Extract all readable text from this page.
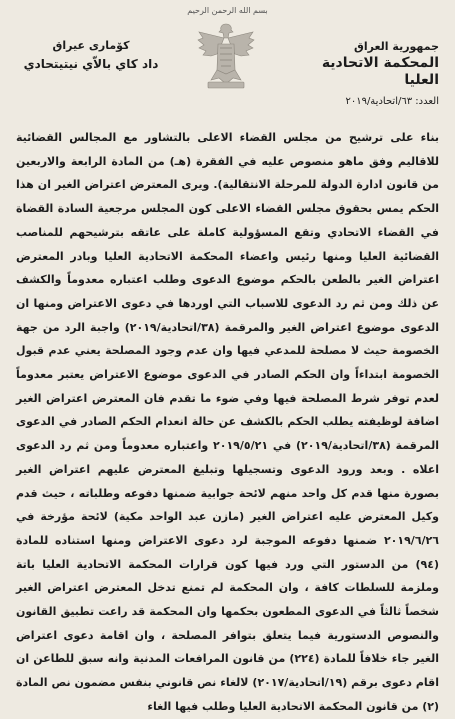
بسم الله الرحمن الرحيم
جمهورية العراق
المحكمة الاتحادية العليا
العدد: ٦٣/اتحادية/٢٠١٩
كوٚماری عیراق
داد كاي بالاّي نيتيتحادي
بناء على ترشيح من مجلس القضاء الاعلى بالتشاور مع المجالس القضائية للاقاليم وفق ماهو منصوص عليه في الفقرة (هـ) من المادة الرابعة والاربعين من قانون ادارة الدولة للمرحلة الانتقالية). ويرى المعترض اعتراض الغير ان هذا الحكم يمس بحقوق مجلس القضاء الاعلى كون المجلس مرجعية السادة القضاة في القضاء الاتحادي وتقع المسؤولية كاملة على عاتقه بترشيحهم للمناصب القضائية العليا ومنها رئيس واعضاء المحكمة الاتحادية العليا وبادر المعترض اعتراض الغير بالطعن بالحكم موضوع الدعوى وطلب اعتباره معدوماً والكشف عن ذلك ومن ثم رد الدعوى للاسباب التي اوردها في دعوى الاعتراض ومنها ان الدعوى موضوع اعتراض الغير والمرقمة (٣٨/اتحادية/٢٠١٩) واجبة الرد من جهة الخصومة حيث لا مصلحة للمدعي فيها وان عدم وجود المصلحة يعني عدم قبول الخصومة ابتداءاً وان الحكم الصادر في الدعوى موضوع الاعتراض يعتبر معدوماً لعدم توفر شرط المصلحة فيها وفي ضوء ما تقدم فان المعترض اعتراض الغير اضافة لوظيفته يطلب الحكم بالكشف عن حالة انعدام الحكم الصادر في الدعوى المرقمة (٣٨/اتحادية/٢٠١٩) في ٢٠١٩/٥/٢١ واعتباره معدوماً ومن ثم رد الدعوى اعلاه . وبعد ورود الدعوى وتسجيلها وتبليغ المعترض عليهم اعتراض الغير بصورة منها قدم كل واحد منهم لائحة جوابية ضمنها دفوعه وطلباته ، حيث قدم وكيل المعترض عليه اعتراض الغير (مازن عبد الواحد مكية) لائحة مؤرخة في ٢٠١٩/٦/٢٦ ضمنها دفوعه الموجبة لرد دعوى الاعتراض ومنها استناده للمادة (٩٤) من الدستور التي ورد فيها كون قرارات المحكمة الاتحادية العليا باتة وملزمة للسلطات كافة ، وان المحكمة لم تمنع تدخل المعترض اعتراض الغير شخصاً ثالثاً في الدعوى المطعون بحكمها وان المحكمة قد راعت تطبيق القانون والنصوص الدستورية فيما يتعلق بتوافر المصلحة ، وان اقامة دعوى اعتراض الغير جاء خلافاً للمادة (٢٢٤) من قانون المرافعات المدنية وانه سبق للطاعن ان اقام دعوى برقم (١٩/اتحادية/٢٠١٧) لالغاء نص قانوني بنفس مضمون نص المادة (٢) من قانون المحكمة الاتحادية العليا وطلب فيها الغاء
